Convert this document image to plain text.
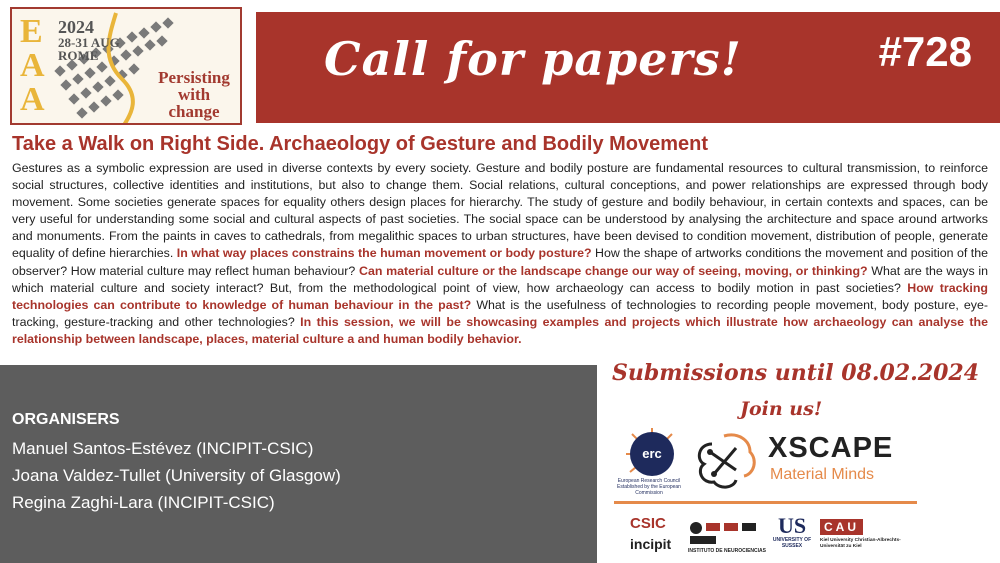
E
A
A
2024
28-31 AUG
ROME
Persisting
with
change
Call for papers!	#728
Take a Walk on Right Side. Archaeology of Gesture and Bodily Movement
Gestures as a symbolic expression are used in diverse contexts by every society. Gesture and bodily posture are fundamental resources to cultural transmission, to reinforce social structures, collective identities and institutions, but also to change them. Social relations, cultural conceptions, and power relationships are expressed through body movement. Some societies generate spaces for equality others design places for hierarchy. The study of gesture and bodily behaviour, in certain contexts and spaces, can be very useful for understanding some social and cultural aspects of past societies. The social space can be understood by analysing the architecture and space around artworks and monuments. From the paints in caves to cathedrals, from megalithic spaces to urban structures, have been devised to condition movement, distribution of people, generate equality of define hierarchies. In what way places constrains the human movement or body posture? How the shape of artworks conditions the movement and position of the observer? How material culture may reflect human behaviour? Can material culture or the landscape change our way of seeing, moving, or thinking? What are the ways in which material culture and society interact? But, from the methodological point of view, how archaeology can access to bodily motion in past societies? How tracking technologies can contribute to knowledge of human behaviour in the past? What is the usefulness of technologies to recording people movement, body posture, eye-tracking, gesture-tracking and other technologies? In this session, we will be showcasing examples and projects which illustrate how archaeology can analyse the relationship between landscape, places, material culture a and human bodily behavior.
ORGANISERS
Manuel Santos-Estévez (INCIPIT-CSIC)
Joana Valdez-Tullet (University of Glasgow)
Regina Zaghi-Lara (INCIPIT-CSIC)
Submissions until 08.02.2024
Join us!
erc
European Research Council
Established by the European Commission
XSCAPE
Material Minds
CSIC
incipit	INSTITUTO DE NEUROCIENCIAS
US
UNIVERSITY OF SUSSEX
CAU
Kiel University Christian-Albrechts-Universität zu Kiel
